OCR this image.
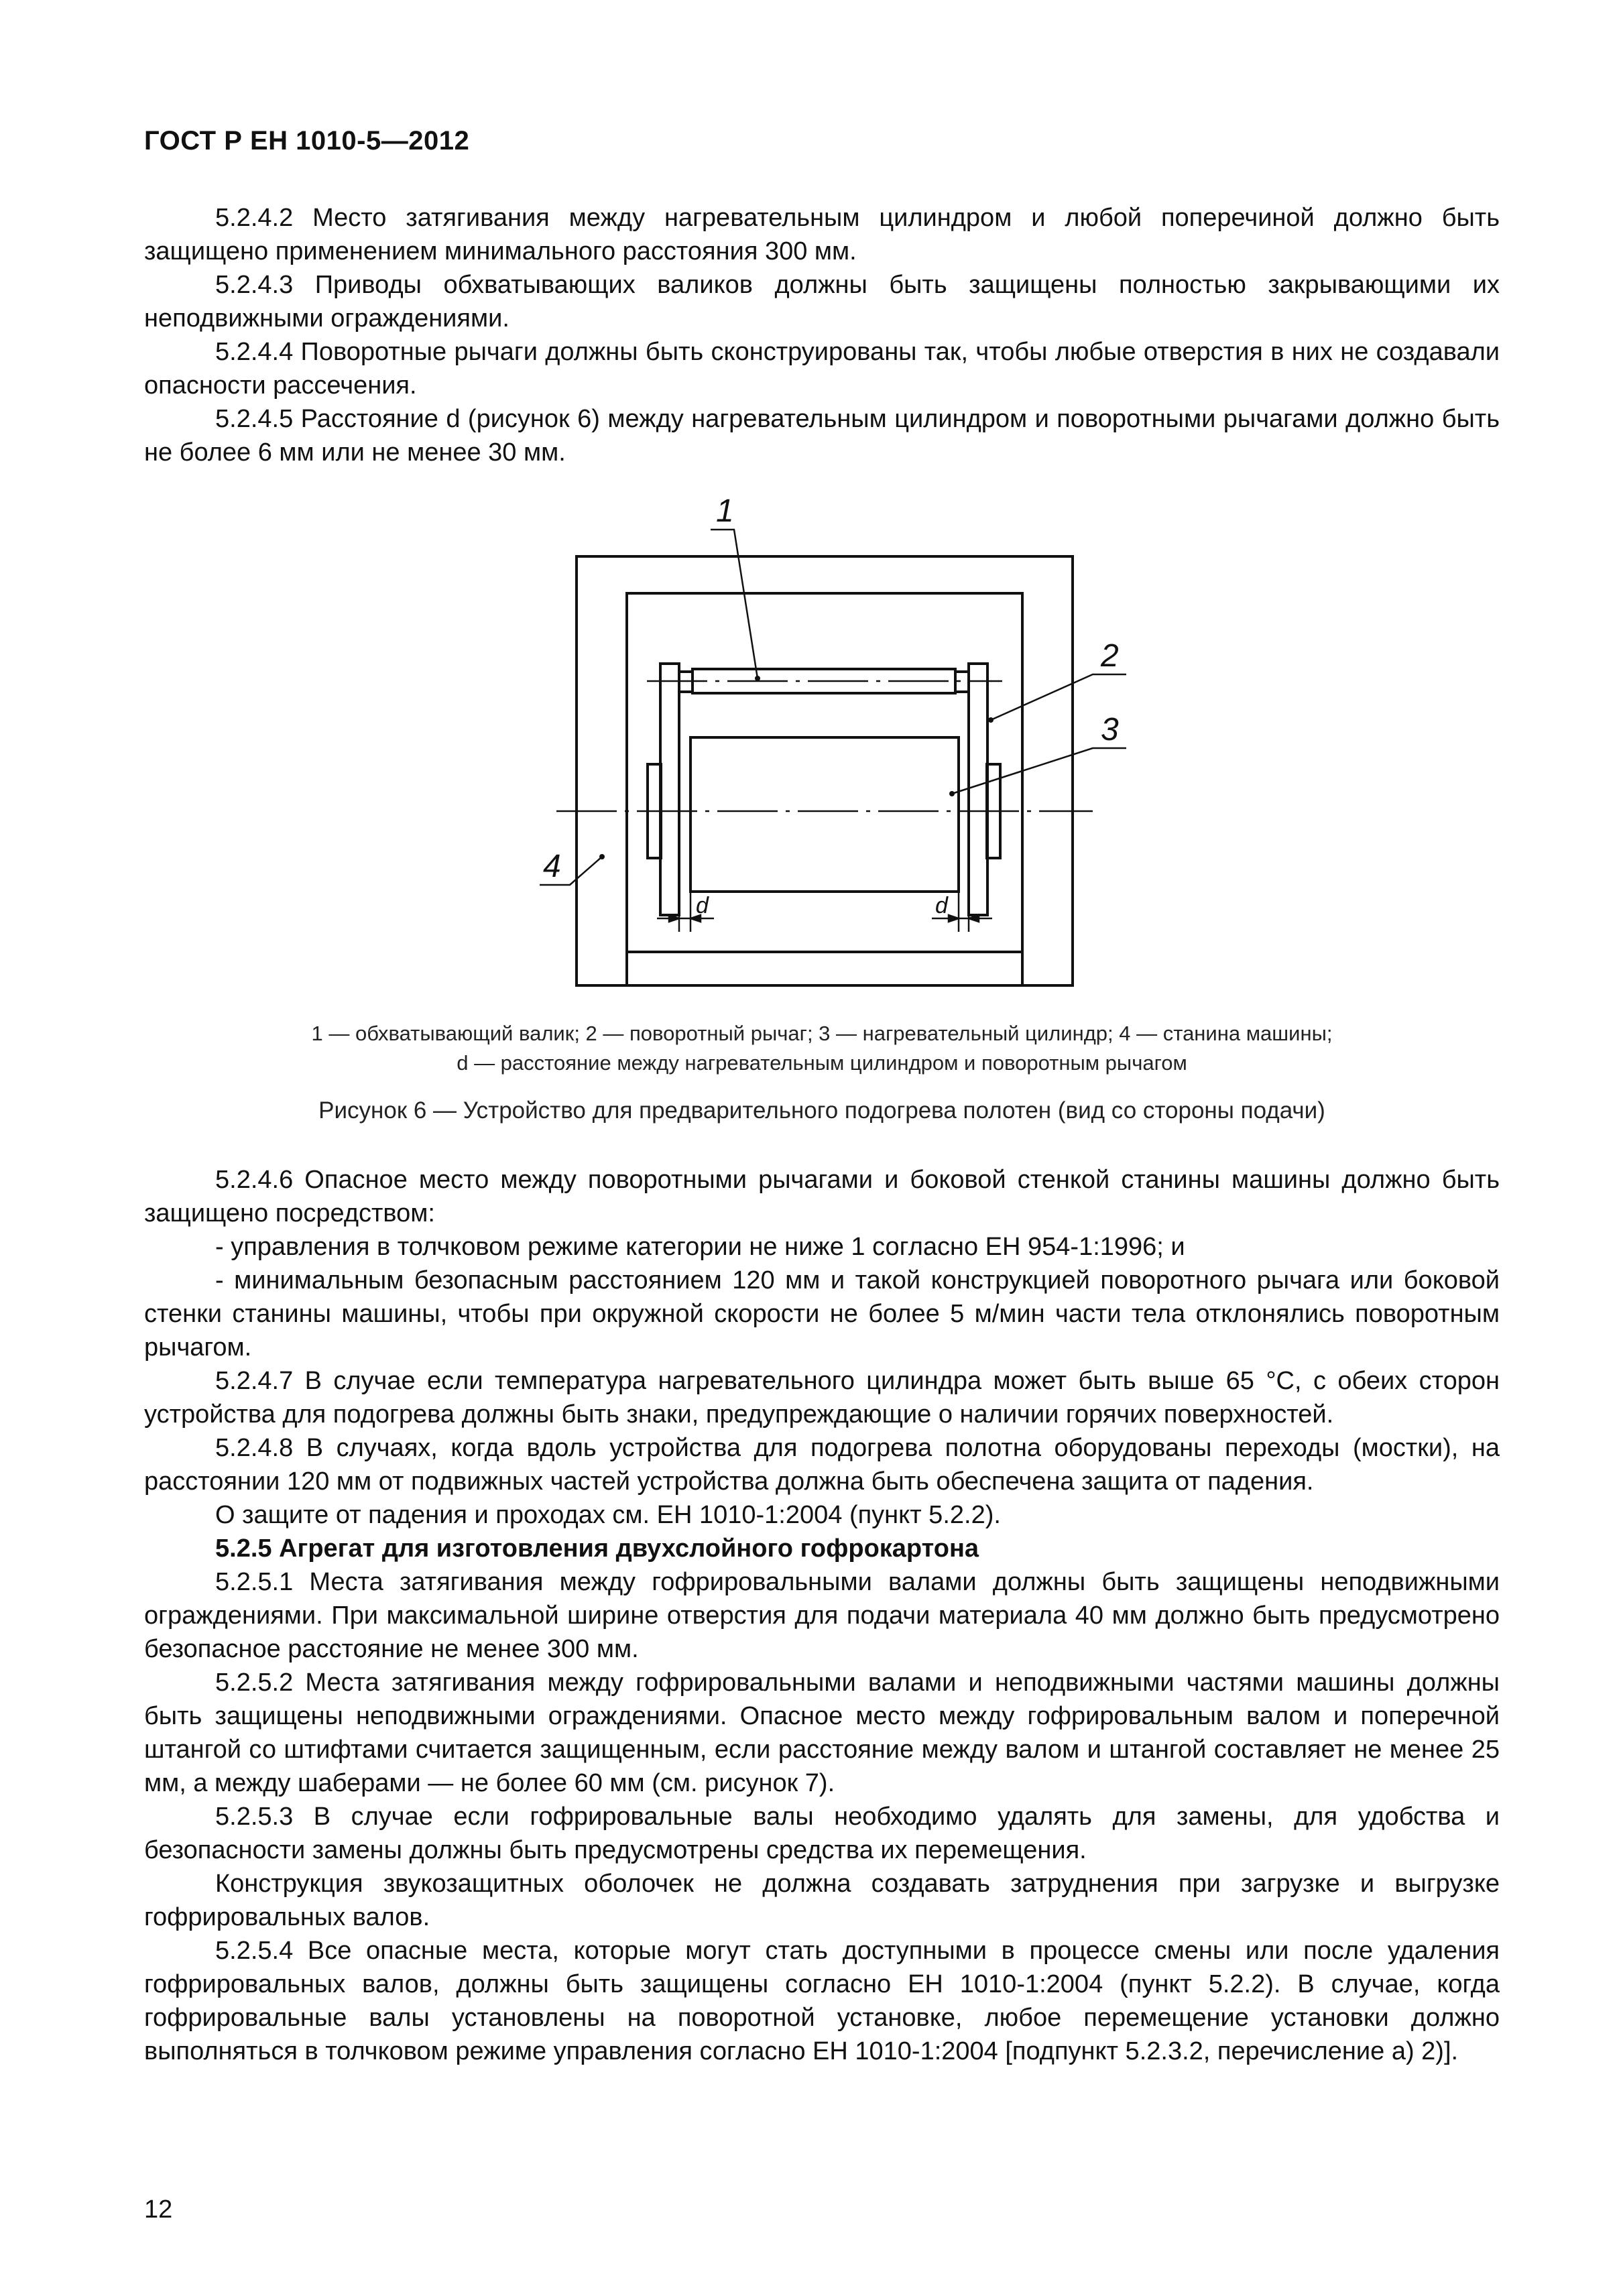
ГОСТ Р ЕН 1010-5—2012

5.2.4.2 Место затягивания между нагревательным цилиндром и любой поперечиной должно быть защищено применением минимального расстояния 300 мм.

5.2.4.3 Приводы обхватывающих валиков должны быть защищены полностью закрывающими их неподвижными ограждениями.

5.2.4.4 Поворотные рычаги должны быть сконструированы так, чтобы любые отверстия в них не создавали опасности рассечения.

5.2.4.5 Расстояние d (рисунок 6) между нагревательным цилиндром и поворотными рычагами должно быть не более 6 мм или не менее 30 мм.

1
2
3
4
d	d
1 — обхватывающий валик; 2 — поворотный рычаг; 3 — нагревательный цилиндр; 4 — станина машины;
d — расстояние между нагревательным цилиндром и поворотным рычагом
Рисунок 6 — Устройство для предварительного подогрева полотен (вид со стороны подачи)

5.2.4.6 Опасное место между поворотными рычагами и боковой стенкой станины машины должно быть защищено посредством:

- управления в толчковом режиме категории не ниже 1 согласно ЕН 954-1:1996; и

- минимальным безопасным расстоянием 120 мм и такой конструкцией поворотного рычага или боковой стенки станины машины, чтобы при окружной скорости не более 5 м/мин части тела отклонялись поворотным рычагом.

5.2.4.7 В случае если температура нагревательного цилиндра может быть выше 65 °С, с обеих сторон устройства для подогрева должны быть знаки, предупреждающие о наличии горячих поверхностей.

5.2.4.8 В случаях, когда вдоль устройства для подогрева полотна оборудованы переходы (мостки), на расстоянии 120 мм от подвижных частей устройства должна быть обеспечена защита от падения.

О защите от падения и проходах см. ЕН 1010-1:2004 (пункт 5.2.2).

5.2.5 Агрегат для изготовления двухслойного гофрокартона

5.2.5.1 Места затягивания между гофрировальными валами должны быть защищены неподвижными ограждениями. При максимальной ширине отверстия для подачи материала 40 мм должно быть предусмотрено безопасное расстояние не менее 300 мм.

5.2.5.2 Места затягивания между гофрировальными валами и неподвижными частями машины должны быть защищены неподвижными ограждениями. Опасное место между гофрировальным валом и поперечной штангой со штифтами считается защищенным, если расстояние между валом и штангой составляет не менее 25 мм, а между шаберами — не более 60 мм (см. рисунок 7).

5.2.5.3 В случае если гофрировальные валы необходимо удалять для замены, для удобства и безопасности замены должны быть предусмотрены средства их перемещения.

Конструкция звукозащитных оболочек не должна создавать затруднения при загрузке и выгрузке гофрировальных валов.

5.2.5.4 Все опасные места, которые могут стать доступными в процессе смены или после удаления гофрировальных валов, должны быть защищены согласно ЕН 1010-1:2004 (пункт 5.2.2). В случае, когда гофрировальные валы установлены на поворотной установке, любое перемещение установки должно выполняться в толчковом режиме управления согласно ЕН 1010-1:2004 [подпункт 5.2.3.2, перечисление а) 2)].

12
